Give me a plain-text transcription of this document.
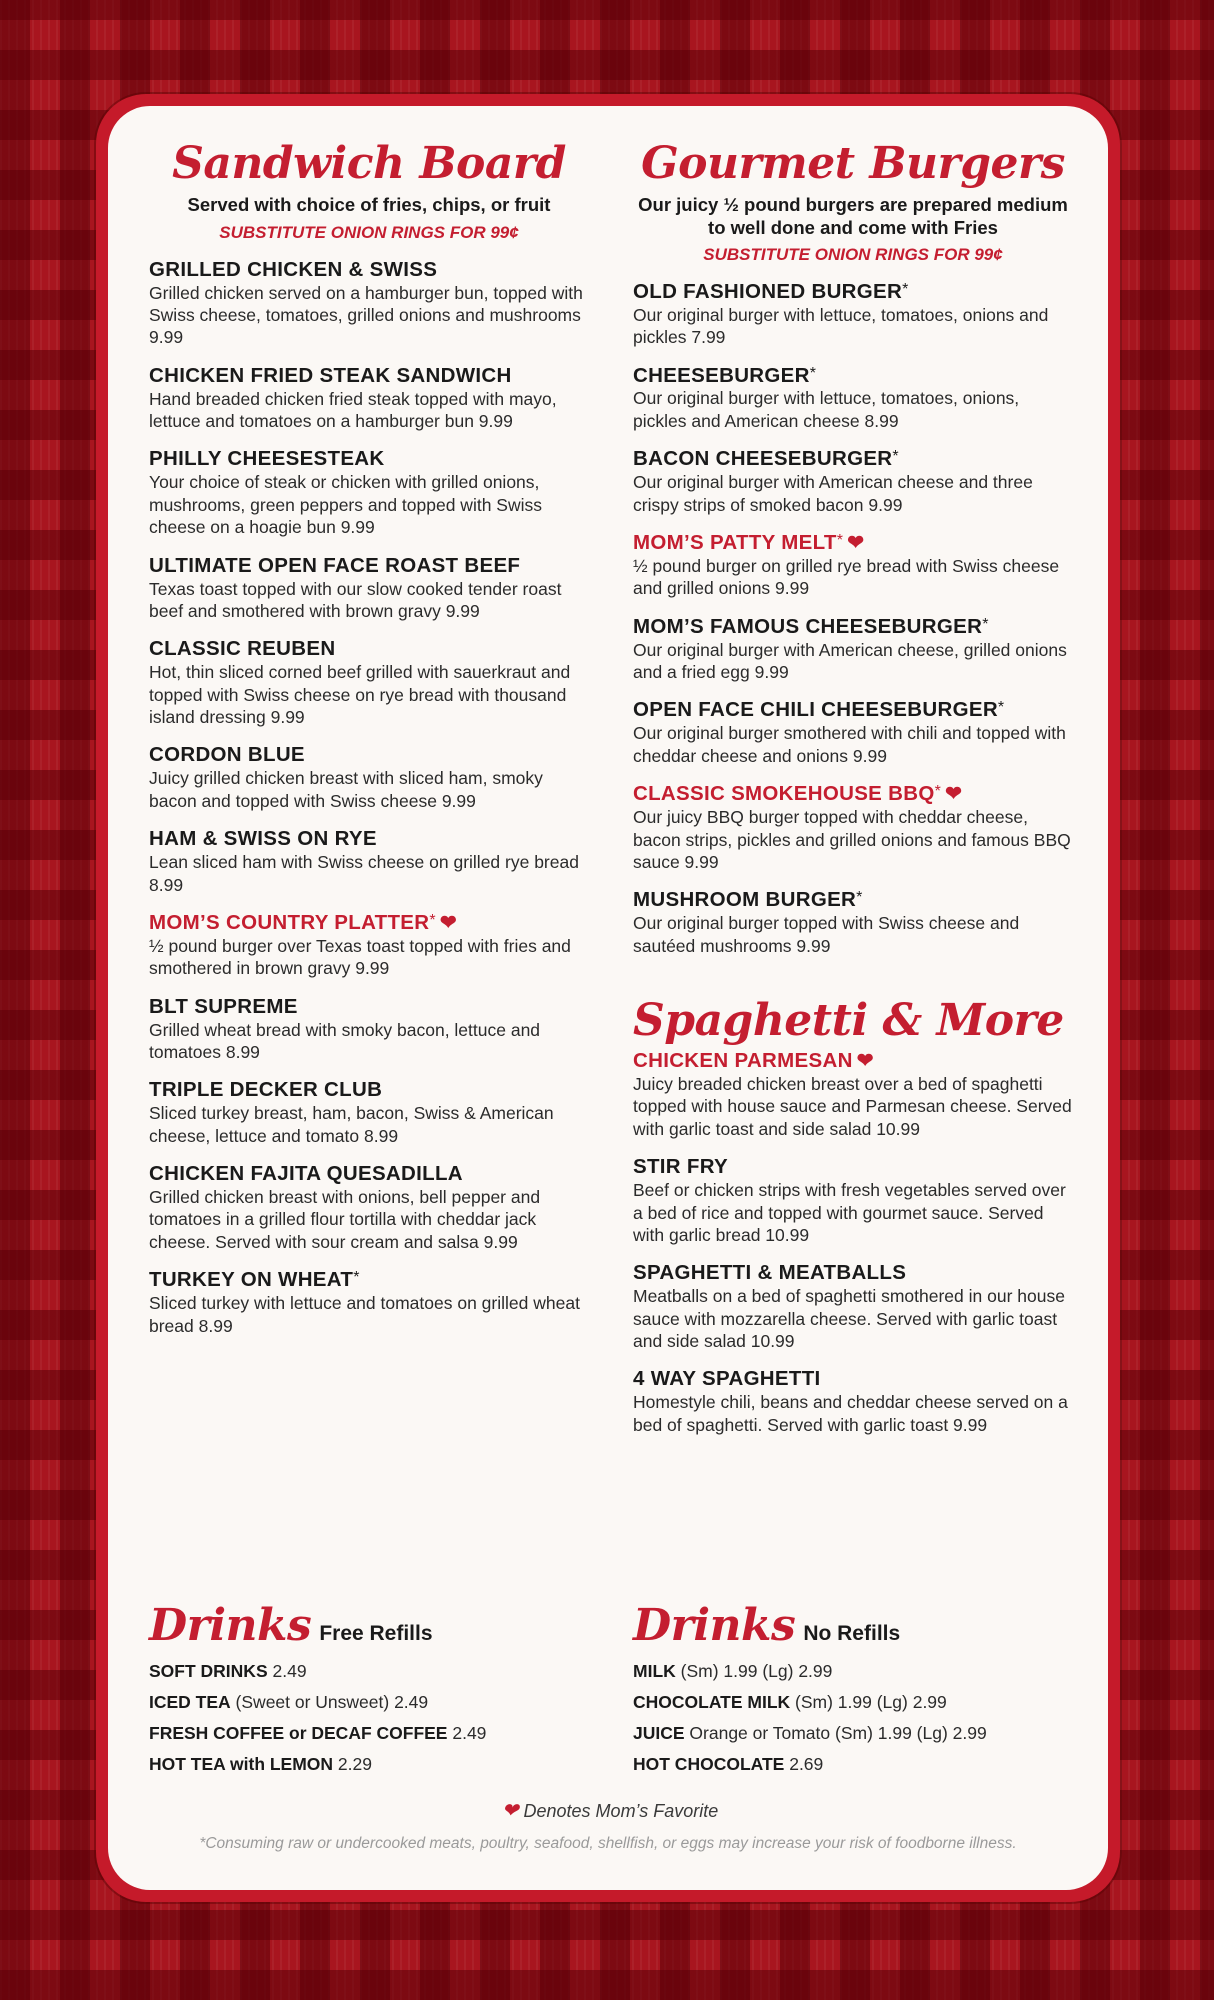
Sandwich Board
Served with choice of fries, chips, or fruit
SUBSTITUTE ONION RINGS FOR 99¢
GRILLED CHICKEN & SWISS
Grilled chicken served on a hamburger bun, topped with Swiss cheese, tomatoes, grilled onions and mushrooms 9.99
CHICKEN FRIED STEAK SANDWICH
Hand breaded chicken fried steak topped with mayo, lettuce and tomatoes on a hamburger bun 9.99
PHILLY CHEESESTEAK
Your choice of steak or chicken with grilled onions, mushrooms, green peppers and topped with Swiss cheese on a hoagie bun 9.99
ULTIMATE OPEN FACE ROAST BEEF
Texas toast topped with our slow cooked tender roast beef and smothered with brown gravy 9.99
CLASSIC REUBEN
Hot, thin sliced corned beef grilled with sauerkraut and topped with Swiss cheese on rye bread with thousand island dressing 9.99
CORDON BLUE
Juicy grilled chicken breast with sliced ham, smoky bacon and topped with Swiss cheese 9.99
HAM & SWISS ON RYE
Lean sliced ham with Swiss cheese on grilled rye bread 8.99
MOM’S COUNTRY PLATTER* ❤
½ pound burger over Texas toast topped with fries and smothered in brown gravy 9.99
BLT SUPREME
Grilled wheat bread with smoky bacon, lettuce and tomatoes 8.99
TRIPLE DECKER CLUB
Sliced turkey breast, ham, bacon, Swiss & American cheese, lettuce and tomato 8.99
CHICKEN FAJITA QUESADILLA
Grilled chicken breast with onions, bell pepper and tomatoes in a grilled flour tortilla with cheddar jack cheese. Served with sour cream and salsa 9.99
TURKEY ON WHEAT*
Sliced turkey with lettuce and tomatoes on grilled wheat bread 8.99
Drinks Free Refills
SOFT DRINKS 2.49
ICED TEA (Sweet or Unsweet) 2.49
FRESH COFFEE or DECAF COFFEE 2.49
HOT TEA with LEMON 2.29
Gourmet Burgers
Our juicy ½ pound burgers are prepared medium to well done and come with Fries
SUBSTITUTE ONION RINGS FOR 99¢
OLD FASHIONED BURGER*
Our original burger with lettuce, tomatoes, onions and pickles 7.99
CHEESEBURGER*
Our original burger with lettuce, tomatoes, onions, pickles and American cheese 8.99
BACON CHEESEBURGER*
Our original burger with American cheese and three crispy strips of smoked bacon 9.99
MOM’S PATTY MELT* ❤
½ pound burger on grilled rye bread with Swiss cheese and grilled onions 9.99
MOM’S FAMOUS CHEESEBURGER*
Our original burger with American cheese, grilled onions and a fried egg 9.99
OPEN FACE CHILI CHEESEBURGER*
Our original burger smothered with chili and topped with cheddar cheese and onions 9.99
CLASSIC SMOKEHOUSE BBQ* ❤
Our juicy BBQ burger topped with cheddar cheese, bacon strips, pickles and grilled onions and famous BBQ sauce 9.99
MUSHROOM BURGER*
Our original burger topped with Swiss cheese and sautéed mushrooms 9.99
Spaghetti & More
CHICKEN PARMESAN ❤
Juicy breaded chicken breast over a bed of spaghetti topped with house sauce and Parmesan cheese. Served with garlic toast and side salad 10.99
STIR FRY
Beef or chicken strips with fresh vegetables served over a bed of rice and topped with gourmet sauce. Served with garlic bread 10.99
SPAGHETTI & MEATBALLS
Meatballs on a bed of spaghetti smothered in our house sauce with mozzarella cheese. Served with garlic toast and side salad 10.99
4 WAY SPAGHETTI
Homestyle chili, beans and cheddar cheese served on a bed of spaghetti. Served with garlic toast 9.99
Drinks No Refills
MILK (Sm) 1.99 (Lg) 2.99
CHOCOLATE MILK (Sm) 1.99 (Lg) 2.99
JUICE Orange or Tomato (Sm) 1.99 (Lg) 2.99
HOT CHOCOLATE 2.69
❤ Denotes Mom’s Favorite
*Consuming raw or undercooked meats, poultry, seafood, shellfish, or eggs may increase your risk of foodborne illness.
